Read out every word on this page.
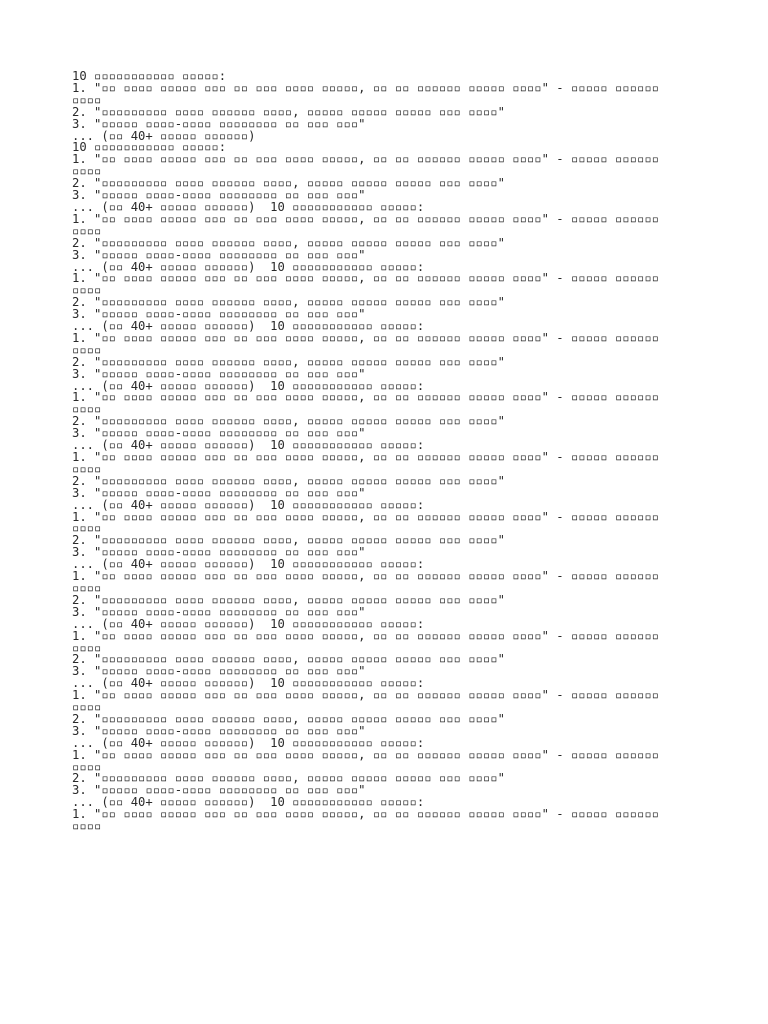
10 ▫▫▫▫▫▫▫▫▫▫▫ ▫▫▫▫▫:
1. "▫▫ ▫▫▫▫ ▫▫▫▫▫ ▫▫▫ ▫▫ ▫▫▫ ▫▫▫▫ ▫▫▫▫▫, ▫▫ ▫▫ ▫▫▫▫▫▫ ▫▫▫▫▫ ▫▫▫▫" - ▫▫▫▫▫ ▫▫▫▫▫▫
▫▫▫▫
2. "▫▫▫▫▫▫▫▫▫ ▫▫▫▫ ▫▫▫▫▫▫ ▫▫▫▫, ▫▫▫▫▫ ▫▫▫▫▫ ▫▫▫▫▫ ▫▫▫ ▫▫▫▫"
3. "▫▫▫▫▫ ▫▫▫▫-▫▫▫▫ ▫▫▫▫▫▫▫▫ ▫▫ ▫▫▫ ▫▫▫"
... (▫▫ 40+ ▫▫▫▫▫ ▫▫▫▫▫▫)
10 ▫▫▫▫▫▫▫▫▫▫▫ ▫▫▫▫▫:
1. "▫▫ ▫▫▫▫ ▫▫▫▫▫ ▫▫▫ ▫▫ ▫▫▫ ▫▫▫▫ ▫▫▫▫▫, ▫▫ ▫▫ ▫▫▫▫▫▫ ▫▫▫▫▫ ▫▫▫▫" - ▫▫▫▫▫ ▫▫▫▫▫▫
▫▫▫▫
2. "▫▫▫▫▫▫▫▫▫ ▫▫▫▫ ▫▫▫▫▫▫ ▫▫▫▫, ▫▫▫▫▫ ▫▫▫▫▫ ▫▫▫▫▫ ▫▫▫ ▫▫▫▫"
3. "▫▫▫▫▫ ▫▫▫▫-▫▫▫▫ ▫▫▫▫▫▫▫▫ ▫▫ ▫▫▫ ▫▫▫"
... (▫▫ 40+ ▫▫▫▫▫ ▫▫▫▫▫▫)  10 ▫▫▫▫▫▫▫▫▫▫▫ ▫▫▫▫▫:
1. "▫▫ ▫▫▫▫ ▫▫▫▫▫ ▫▫▫ ▫▫ ▫▫▫ ▫▫▫▫ ▫▫▫▫▫, ▫▫ ▫▫ ▫▫▫▫▫▫ ▫▫▫▫▫ ▫▫▫▫" - ▫▫▫▫▫ ▫▫▫▫▫▫
▫▫▫▫
2. "▫▫▫▫▫▫▫▫▫ ▫▫▫▫ ▫▫▫▫▫▫ ▫▫▫▫, ▫▫▫▫▫ ▫▫▫▫▫ ▫▫▫▫▫ ▫▫▫ ▫▫▫▫"
3. "▫▫▫▫▫ ▫▫▫▫-▫▫▫▫ ▫▫▫▫▫▫▫▫ ▫▫ ▫▫▫ ▫▫▫"
... (▫▫ 40+ ▫▫▫▫▫ ▫▫▫▫▫▫)  10 ▫▫▫▫▫▫▫▫▫▫▫ ▫▫▫▫▫:
1. "▫▫ ▫▫▫▫ ▫▫▫▫▫ ▫▫▫ ▫▫ ▫▫▫ ▫▫▫▫ ▫▫▫▫▫, ▫▫ ▫▫ ▫▫▫▫▫▫ ▫▫▫▫▫ ▫▫▫▫" - ▫▫▫▫▫ ▫▫▫▫▫▫
▫▫▫▫
2. "▫▫▫▫▫▫▫▫▫ ▫▫▫▫ ▫▫▫▫▫▫ ▫▫▫▫, ▫▫▫▫▫ ▫▫▫▫▫ ▫▫▫▫▫ ▫▫▫ ▫▫▫▫"
3. "▫▫▫▫▫ ▫▫▫▫-▫▫▫▫ ▫▫▫▫▫▫▫▫ ▫▫ ▫▫▫ ▫▫▫"
... (▫▫ 40+ ▫▫▫▫▫ ▫▫▫▫▫▫)  10 ▫▫▫▫▫▫▫▫▫▫▫ ▫▫▫▫▫:
1. "▫▫ ▫▫▫▫ ▫▫▫▫▫ ▫▫▫ ▫▫ ▫▫▫ ▫▫▫▫ ▫▫▫▫▫, ▫▫ ▫▫ ▫▫▫▫▫▫ ▫▫▫▫▫ ▫▫▫▫" - ▫▫▫▫▫ ▫▫▫▫▫▫
▫▫▫▫
2. "▫▫▫▫▫▫▫▫▫ ▫▫▫▫ ▫▫▫▫▫▫ ▫▫▫▫, ▫▫▫▫▫ ▫▫▫▫▫ ▫▫▫▫▫ ▫▫▫ ▫▫▫▫"
3. "▫▫▫▫▫ ▫▫▫▫-▫▫▫▫ ▫▫▫▫▫▫▫▫ ▫▫ ▫▫▫ ▫▫▫"
... (▫▫ 40+ ▫▫▫▫▫ ▫▫▫▫▫▫)  10 ▫▫▫▫▫▫▫▫▫▫▫ ▫▫▫▫▫:
1. "▫▫ ▫▫▫▫ ▫▫▫▫▫ ▫▫▫ ▫▫ ▫▫▫ ▫▫▫▫ ▫▫▫▫▫, ▫▫ ▫▫ ▫▫▫▫▫▫ ▫▫▫▫▫ ▫▫▫▫" - ▫▫▫▫▫ ▫▫▫▫▫▫
▫▫▫▫
2. "▫▫▫▫▫▫▫▫▫ ▫▫▫▫ ▫▫▫▫▫▫ ▫▫▫▫, ▫▫▫▫▫ ▫▫▫▫▫ ▫▫▫▫▫ ▫▫▫ ▫▫▫▫"
3. "▫▫▫▫▫ ▫▫▫▫-▫▫▫▫ ▫▫▫▫▫▫▫▫ ▫▫ ▫▫▫ ▫▫▫"
... (▫▫ 40+ ▫▫▫▫▫ ▫▫▫▫▫▫)  10 ▫▫▫▫▫▫▫▫▫▫▫ ▫▫▫▫▫:
1. "▫▫ ▫▫▫▫ ▫▫▫▫▫ ▫▫▫ ▫▫ ▫▫▫ ▫▫▫▫ ▫▫▫▫▫, ▫▫ ▫▫ ▫▫▫▫▫▫ ▫▫▫▫▫ ▫▫▫▫" - ▫▫▫▫▫ ▫▫▫▫▫▫
▫▫▫▫
2. "▫▫▫▫▫▫▫▫▫ ▫▫▫▫ ▫▫▫▫▫▫ ▫▫▫▫, ▫▫▫▫▫ ▫▫▫▫▫ ▫▫▫▫▫ ▫▫▫ ▫▫▫▫"
3. "▫▫▫▫▫ ▫▫▫▫-▫▫▫▫ ▫▫▫▫▫▫▫▫ ▫▫ ▫▫▫ ▫▫▫"
... (▫▫ 40+ ▫▫▫▫▫ ▫▫▫▫▫▫)  10 ▫▫▫▫▫▫▫▫▫▫▫ ▫▫▫▫▫:
1. "▫▫ ▫▫▫▫ ▫▫▫▫▫ ▫▫▫ ▫▫ ▫▫▫ ▫▫▫▫ ▫▫▫▫▫, ▫▫ ▫▫ ▫▫▫▫▫▫ ▫▫▫▫▫ ▫▫▫▫" - ▫▫▫▫▫ ▫▫▫▫▫▫
▫▫▫▫
2. "▫▫▫▫▫▫▫▫▫ ▫▫▫▫ ▫▫▫▫▫▫ ▫▫▫▫, ▫▫▫▫▫ ▫▫▫▫▫ ▫▫▫▫▫ ▫▫▫ ▫▫▫▫"
3. "▫▫▫▫▫ ▫▫▫▫-▫▫▫▫ ▫▫▫▫▫▫▫▫ ▫▫ ▫▫▫ ▫▫▫"
... (▫▫ 40+ ▫▫▫▫▫ ▫▫▫▫▫▫)  10 ▫▫▫▫▫▫▫▫▫▫▫ ▫▫▫▫▫:
1. "▫▫ ▫▫▫▫ ▫▫▫▫▫ ▫▫▫ ▫▫ ▫▫▫ ▫▫▫▫ ▫▫▫▫▫, ▫▫ ▫▫ ▫▫▫▫▫▫ ▫▫▫▫▫ ▫▫▫▫" - ▫▫▫▫▫ ▫▫▫▫▫▫
▫▫▫▫
2. "▫▫▫▫▫▫▫▫▫ ▫▫▫▫ ▫▫▫▫▫▫ ▫▫▫▫, ▫▫▫▫▫ ▫▫▫▫▫ ▫▫▫▫▫ ▫▫▫ ▫▫▫▫"
3. "▫▫▫▫▫ ▫▫▫▫-▫▫▫▫ ▫▫▫▫▫▫▫▫ ▫▫ ▫▫▫ ▫▫▫"
... (▫▫ 40+ ▫▫▫▫▫ ▫▫▫▫▫▫)  10 ▫▫▫▫▫▫▫▫▫▫▫ ▫▫▫▫▫:
1. "▫▫ ▫▫▫▫ ▫▫▫▫▫ ▫▫▫ ▫▫ ▫▫▫ ▫▫▫▫ ▫▫▫▫▫, ▫▫ ▫▫ ▫▫▫▫▫▫ ▫▫▫▫▫ ▫▫▫▫" - ▫▫▫▫▫ ▫▫▫▫▫▫
▫▫▫▫
2. "▫▫▫▫▫▫▫▫▫ ▫▫▫▫ ▫▫▫▫▫▫ ▫▫▫▫, ▫▫▫▫▫ ▫▫▫▫▫ ▫▫▫▫▫ ▫▫▫ ▫▫▫▫"
3. "▫▫▫▫▫ ▫▫▫▫-▫▫▫▫ ▫▫▫▫▫▫▫▫ ▫▫ ▫▫▫ ▫▫▫"
... (▫▫ 40+ ▫▫▫▫▫ ▫▫▫▫▫▫)  10 ▫▫▫▫▫▫▫▫▫▫▫ ▫▫▫▫▫:
1. "▫▫ ▫▫▫▫ ▫▫▫▫▫ ▫▫▫ ▫▫ ▫▫▫ ▫▫▫▫ ▫▫▫▫▫, ▫▫ ▫▫ ▫▫▫▫▫▫ ▫▫▫▫▫ ▫▫▫▫" - ▫▫▫▫▫ ▫▫▫▫▫▫
▫▫▫▫
2. "▫▫▫▫▫▫▫▫▫ ▫▫▫▫ ▫▫▫▫▫▫ ▫▫▫▫, ▫▫▫▫▫ ▫▫▫▫▫ ▫▫▫▫▫ ▫▫▫ ▫▫▫▫"
3. "▫▫▫▫▫ ▫▫▫▫-▫▫▫▫ ▫▫▫▫▫▫▫▫ ▫▫ ▫▫▫ ▫▫▫"
... (▫▫ 40+ ▫▫▫▫▫ ▫▫▫▫▫▫)  10 ▫▫▫▫▫▫▫▫▫▫▫ ▫▫▫▫▫:
1. "▫▫ ▫▫▫▫ ▫▫▫▫▫ ▫▫▫ ▫▫ ▫▫▫ ▫▫▫▫ ▫▫▫▫▫, ▫▫ ▫▫ ▫▫▫▫▫▫ ▫▫▫▫▫ ▫▫▫▫" - ▫▫▫▫▫ ▫▫▫▫▫▫
▫▫▫▫
2. "▫▫▫▫▫▫▫▫▫ ▫▫▫▫ ▫▫▫▫▫▫ ▫▫▫▫, ▫▫▫▫▫ ▫▫▫▫▫ ▫▫▫▫▫ ▫▫▫ ▫▫▫▫"
3. "▫▫▫▫▫ ▫▫▫▫-▫▫▫▫ ▫▫▫▫▫▫▫▫ ▫▫ ▫▫▫ ▫▫▫"
... (▫▫ 40+ ▫▫▫▫▫ ▫▫▫▫▫▫)  10 ▫▫▫▫▫▫▫▫▫▫▫ ▫▫▫▫▫:
1. "▫▫ ▫▫▫▫ ▫▫▫▫▫ ▫▫▫ ▫▫ ▫▫▫ ▫▫▫▫ ▫▫▫▫▫, ▫▫ ▫▫ ▫▫▫▫▫▫ ▫▫▫▫▫ ▫▫▫▫" - ▫▫▫▫▫ ▫▫▫▫▫▫
▫▫▫▫
